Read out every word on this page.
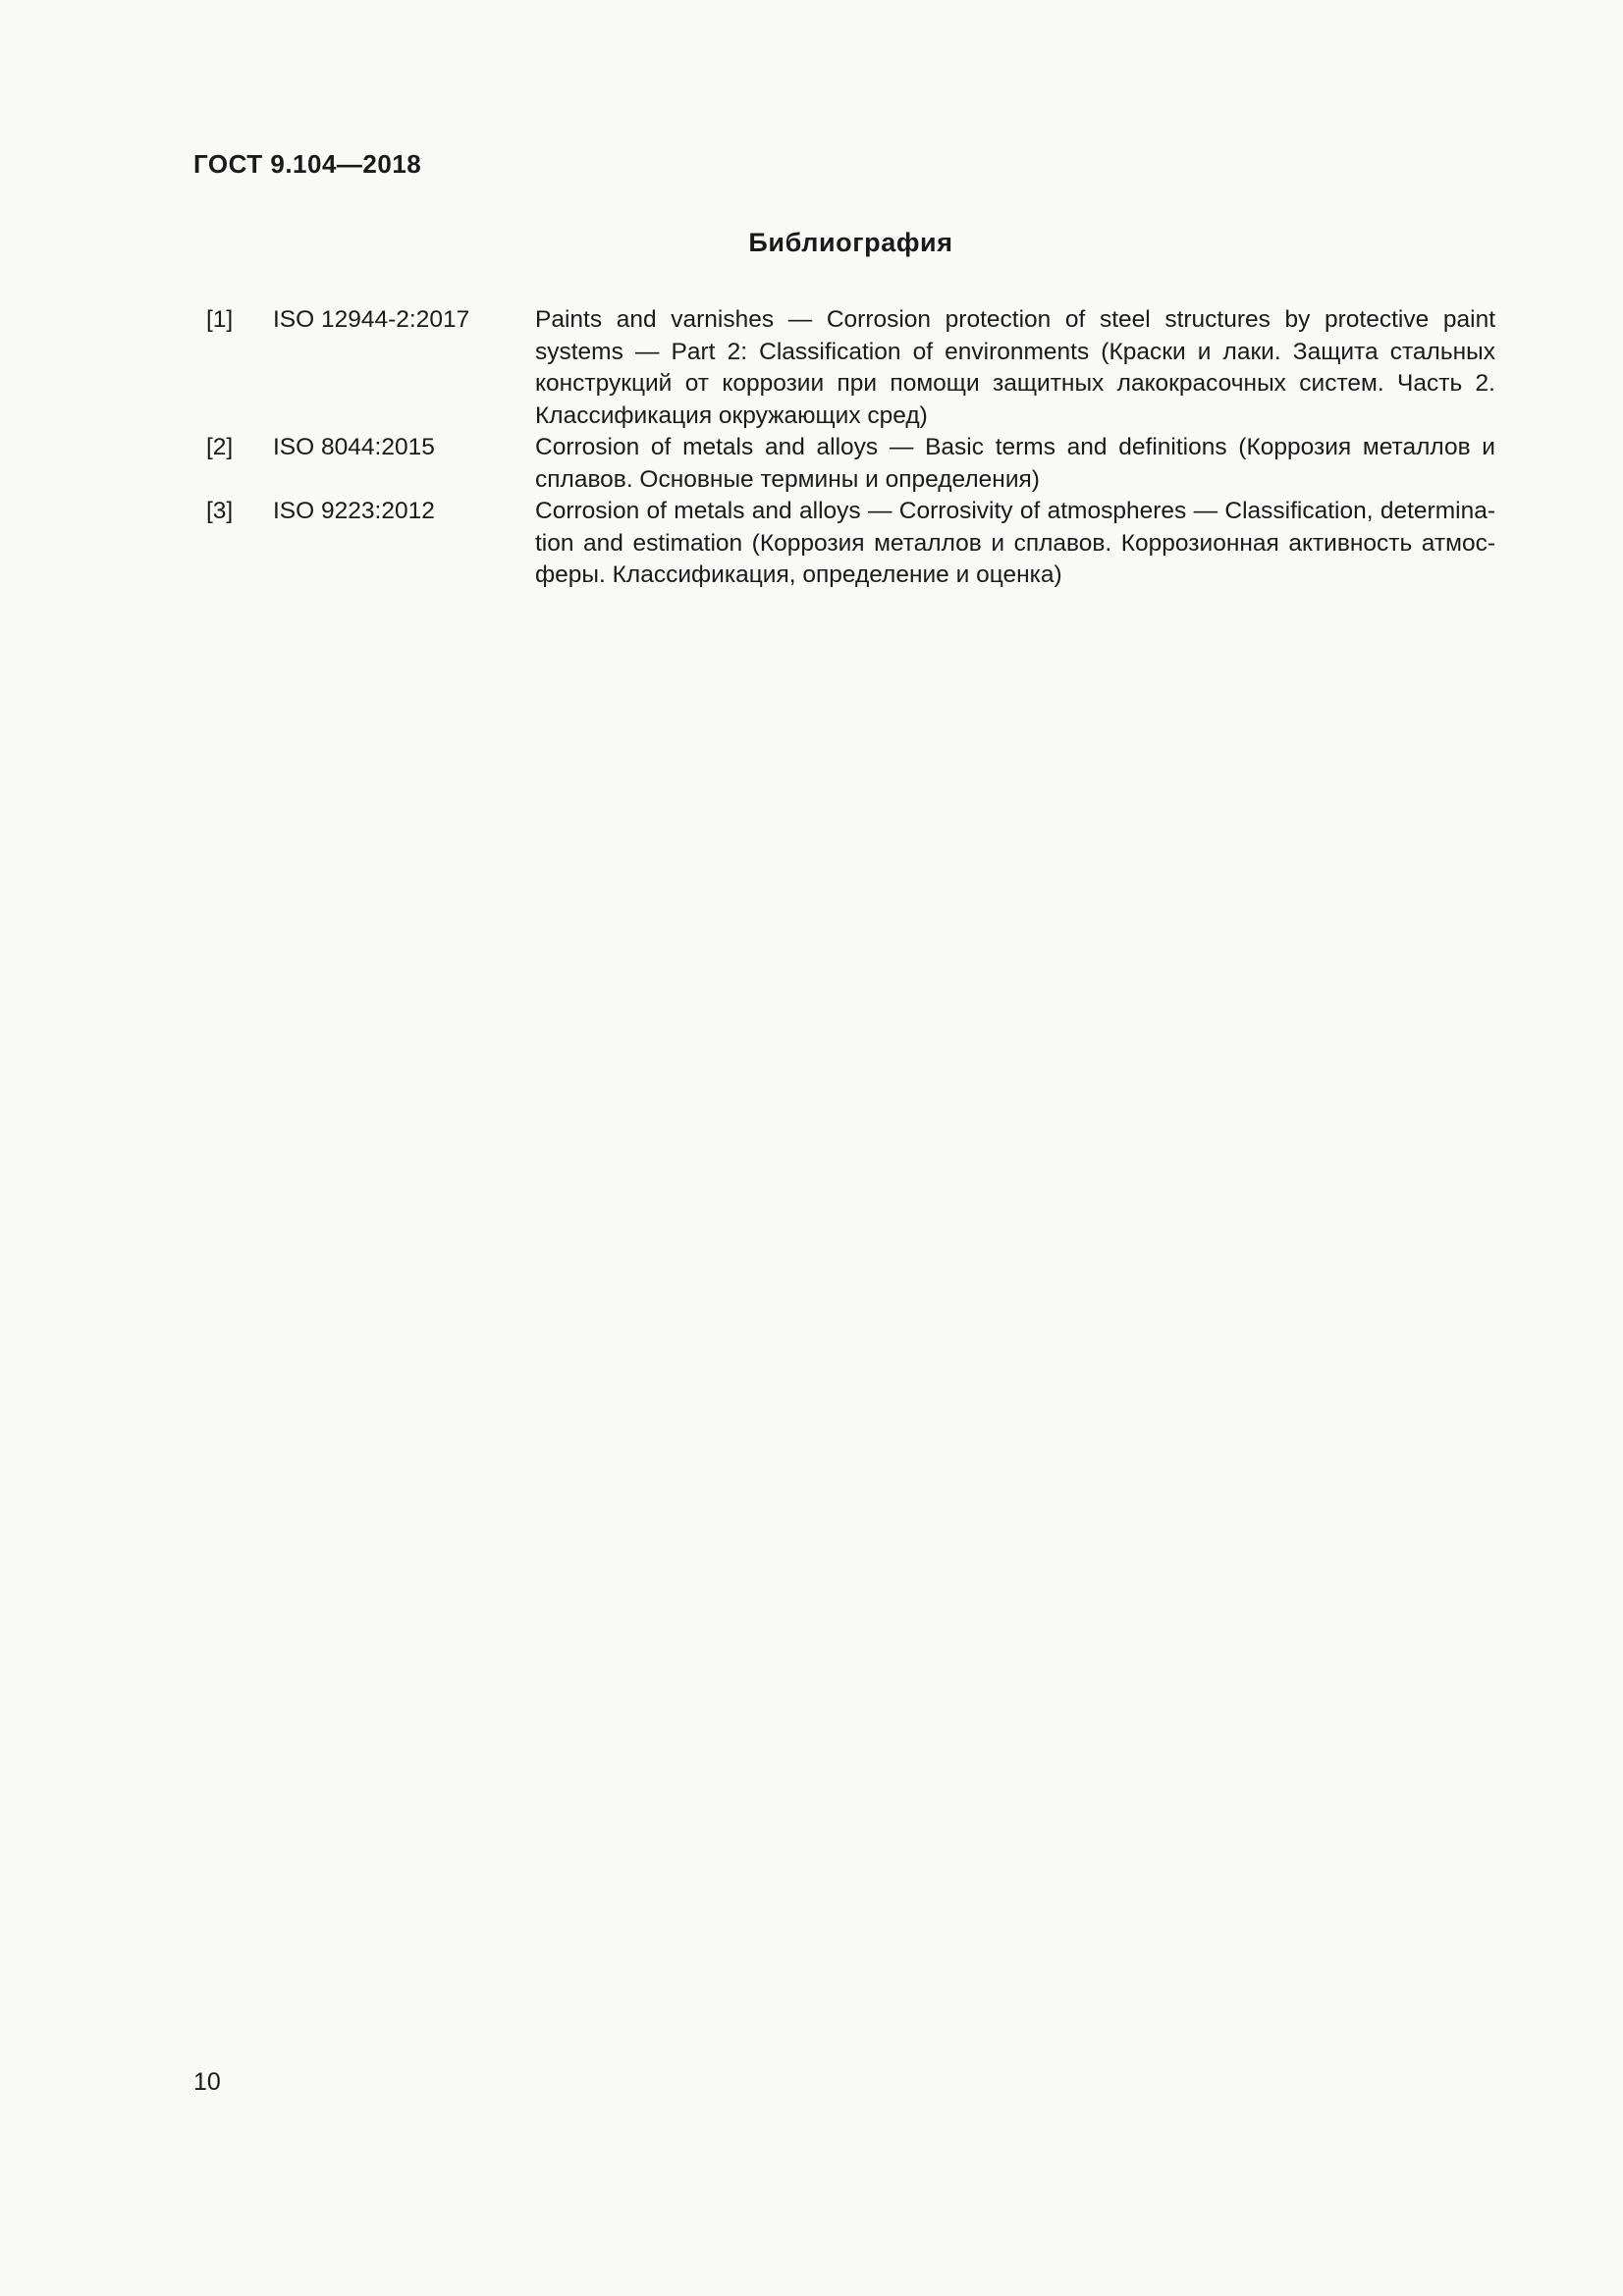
ГОСТ 9.104—2018
Библиография
[1]	ISO 12944-2:2017	Paints and varnishes — Corrosion protection of steel structures by protective paint systems — Part 2: Classification of environments (Краски и лаки. Защита стальных конструкций от коррозии при помощи защитных лакокрасочных систем. Часть 2. Классификация окружающих сред)
[2]	ISO 8044:2015	Corrosion of metals and alloys — Basic terms and definitions (Коррозия металлов и сплавов. Основные термины и определения)
[3]	ISO 9223:2012	Corrosion of metals and alloys — Corrosivity of atmospheres — Classification, determination and estimation (Коррозия металлов и сплавов. Коррозионная активность атмосферы. Классификация, определение и оценка)
10
